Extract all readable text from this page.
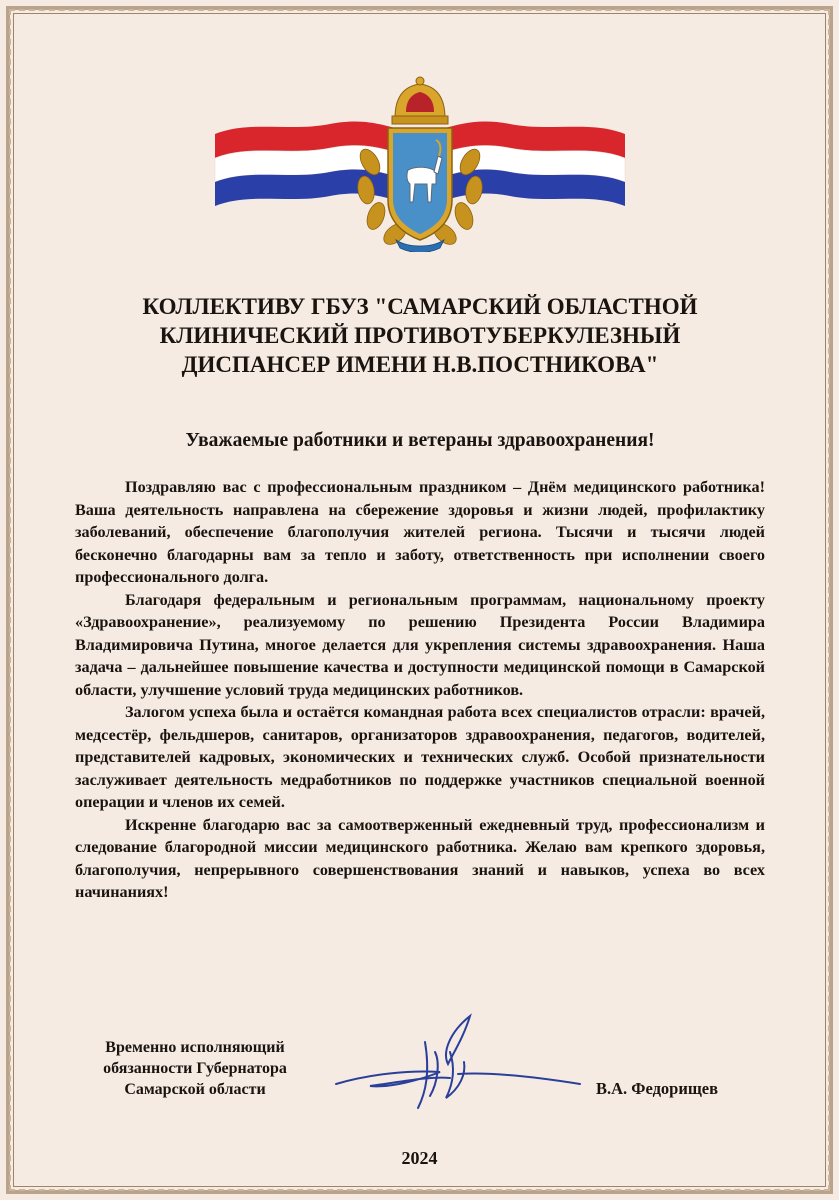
КОЛЛЕКТИВУ ГБУЗ "САМАРСКИЙ ОБЛАСТНОЙ
КЛИНИЧЕСКИЙ ПРОТИВОТУБЕРКУЛЕЗНЫЙ
ДИСПАНСЕР ИМЕНИ Н.В.ПОСТНИКОВА"
Уважаемые работники и ветераны здравоохранения!

Поздравляю вас с профессиональным праздником – Днём медицинского работника! Ваша деятельность направлена на сбережение здоровья и жизни людей, профилактику заболеваний, обеспечение благополучия жителей региона. Тысячи и тысячи людей бесконечно благодарны вам за тепло и заботу, ответственность при исполнении своего профессионального долга.

Благодаря федеральным и региональным программам, национальному проекту «Здравоохранение», реализуемому по решению Президента России Владимира Владимировича Путина, многое делается для укрепления системы здравоохранения. Наша задача – дальнейшее повышение качества и доступности медицинской помощи в Самарской области, улучшение условий труда медицинских работников.

Залогом успеха была и остаётся командная работа всех специалистов отрасли: врачей, медсестёр, фельдшеров, санитаров, организаторов здравоохранения, педагогов, водителей, представителей кадровых, экономических и технических служб. Особой признательности заслуживает деятельность медработников по поддержке участников специальной военной операции и членов их семей.

Искренне благодарю вас за самоотверженный ежедневный труд, профессионализм и следование благородной миссии медицинского работника. Желаю вам крепкого здоровья, благополучия, непрерывного совершенствования знаний и навыков, успеха во всех начинаниях!

Временно исполняющий
обязанности Губернатора
Самарской области	В.А. Федорищев
2024
